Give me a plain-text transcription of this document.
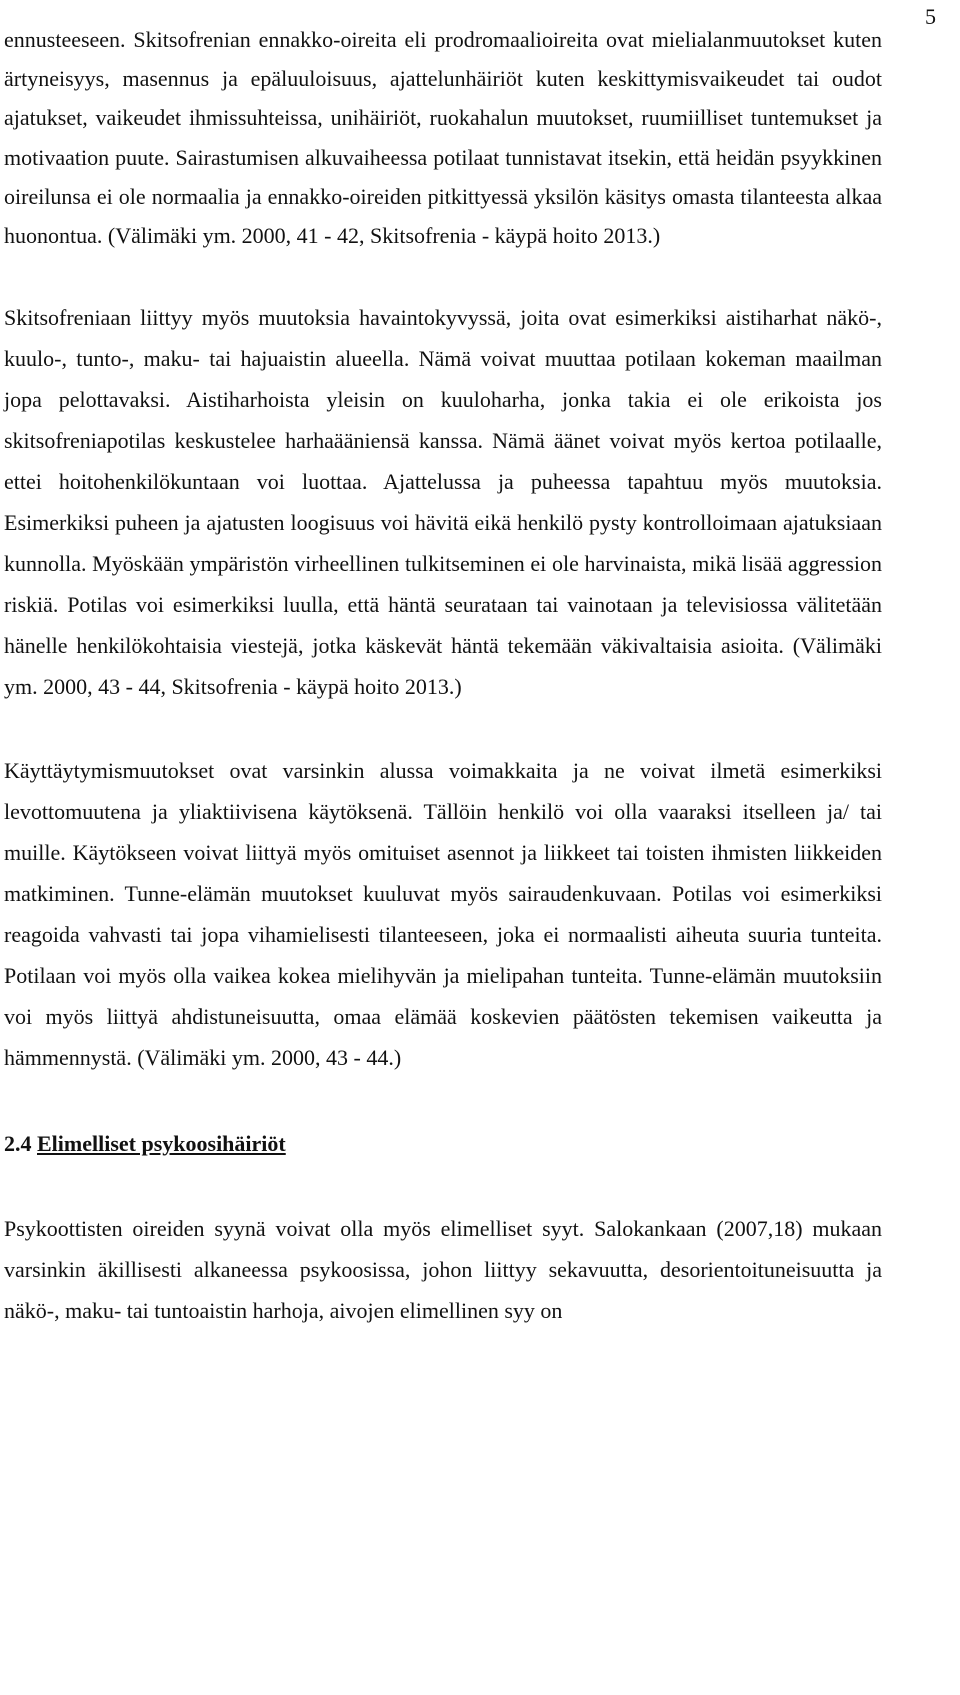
5

ennusteeseen. Skitsofrenian ennakko-oireita eli prodromaalioireita ovat mielialanmuutokset kuten ärtyneisyys, masennus ja epäluuloisuus, ajattelunhäiriöt kuten keskittymisvaikeudet tai oudot ajatukset, vaikeudet ihmissuhteissa, unihäiriöt, ruokahalun muutokset, ruumiilliset tuntemukset ja motivaation puute. Sairastumisen alkuvaiheessa potilaat tunnistavat itsekin, että heidän psyykkinen oireilunsa ei ole normaalia ja ennakko-oireiden pitkittyessä yksilön käsitys omasta tilanteesta alkaa huonontua. (Välimäki ym. 2000, 41 - 42, Skitsofrenia - käypä hoito 2013.)

Skitsofreniaan liittyy myös muutoksia havaintokyvyssä, joita ovat esimerkiksi aistiharhat näkö-, kuulo-, tunto-, maku- tai hajuaistin alueella. Nämä voivat muuttaa potilaan kokeman maailman jopa pelottavaksi. Aistiharhoista yleisin on kuuloharha, jonka takia ei ole erikoista jos skitsofreniapotilas keskustelee harhaääniensä kanssa. Nämä äänet voivat myös kertoa potilaalle, ettei hoitohenkilökuntaan voi luottaa. Ajattelussa ja puheessa tapahtuu myös muutoksia. Esimerkiksi puheen ja ajatusten loogisuus voi hävitä eikä henkilö pysty kontrolloimaan ajatuksiaan kunnolla. Myöskään ympäristön virheellinen tulkitseminen ei ole harvinaista, mikä lisää aggression riskiä. Potilas voi esimerkiksi luulla, että häntä seurataan tai vainotaan ja televisiossa välitetään hänelle henkilökohtaisia viestejä, jotka käskevät häntä tekemään väkivaltaisia asioita. (Välimäki ym. 2000, 43 - 44, Skitsofrenia - käypä hoito 2013.)

Käyttäytymismuutokset ovat varsinkin alussa voimakkaita ja ne voivat ilmetä esimerkiksi levottomuutena ja yliaktiivisena käytöksenä. Tällöin henkilö voi olla vaaraksi itselleen ja/ tai muille. Käytökseen voivat liittyä myös omituiset asennot ja liikkeet tai toisten ihmisten liikkeiden matkiminen. Tunne-elämän muutokset kuuluvat myös sairaudenkuvaan. Potilas voi esimerkiksi reagoida vahvasti tai jopa vihamielisesti tilanteeseen, joka ei normaalisti aiheuta suuria tunteita. Potilaan voi myös olla vaikea kokea mielihyvän ja mielipahan tunteita. Tunne-elämän muutoksiin voi myös liittyä ahdistuneisuutta, omaa elämää koskevien päätösten tekemisen vaikeutta ja hämmennystä. (Välimäki ym. 2000, 43 - 44.)

2.4 Elimelliset psykoosihäiriöt

Psykoottisten oireiden syynä voivat olla myös elimelliset syyt. Salokankaan (2007,18) mukaan varsinkin äkillisesti alkaneessa psykoosissa, johon liittyy sekavuutta, desorientoituneisuutta ja näkö-, maku- tai tuntoaistin harhoja, aivojen elimellinen syy on
